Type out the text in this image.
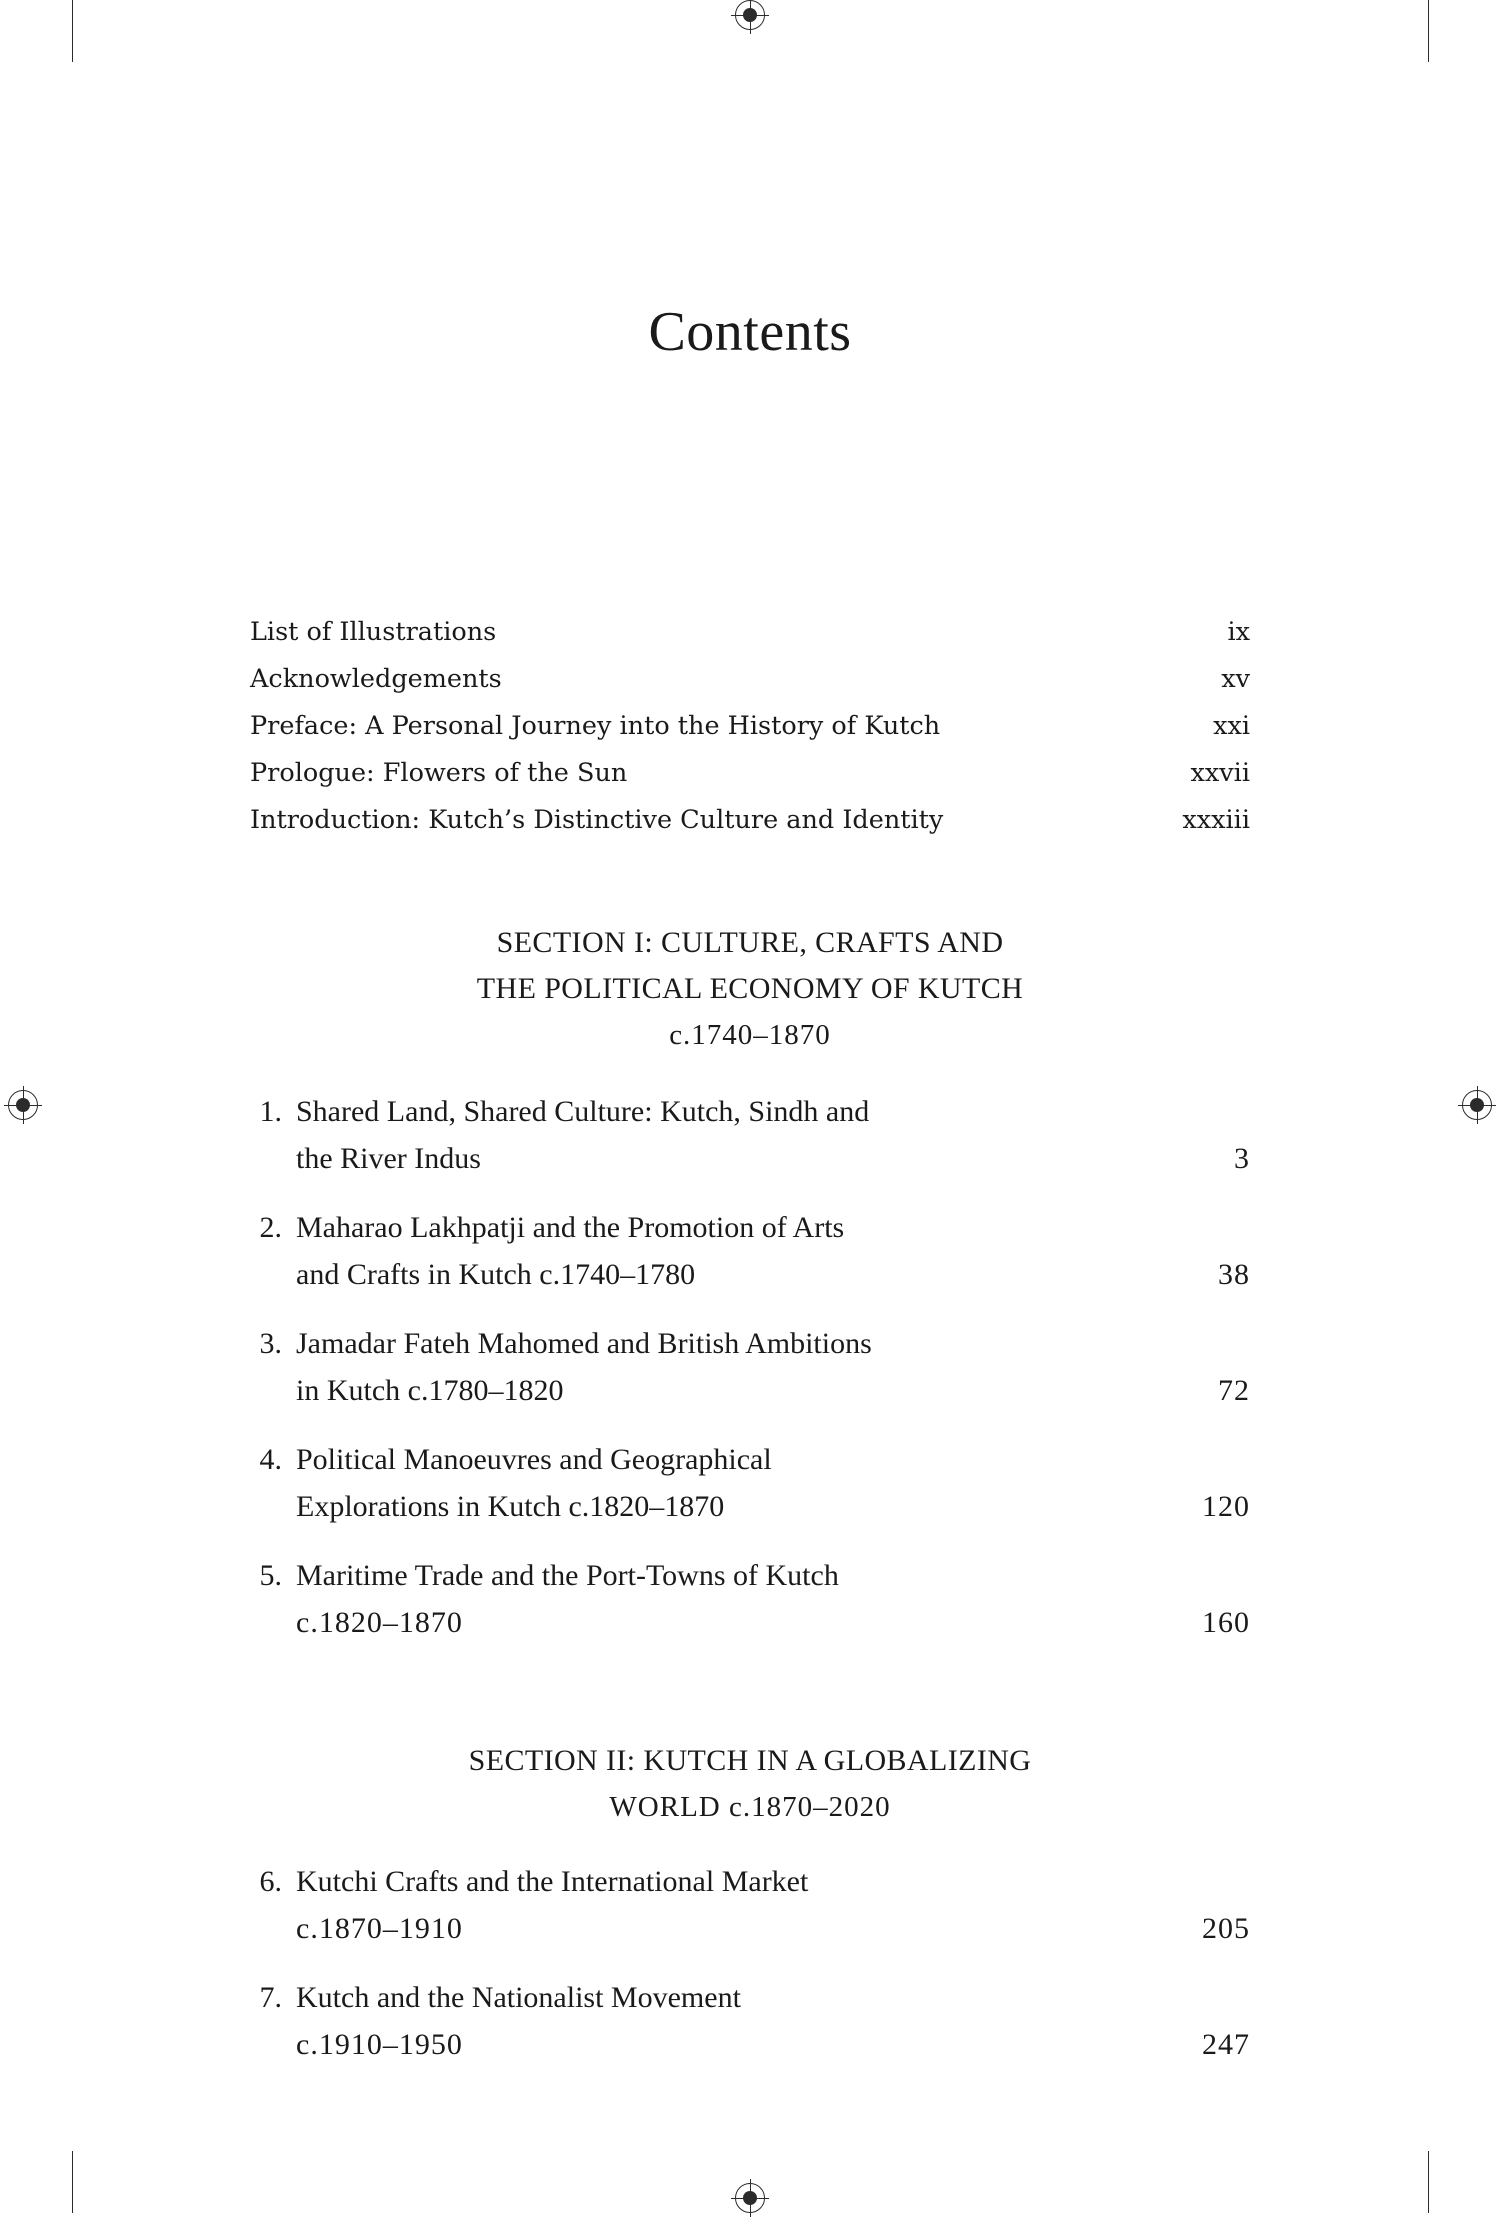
Contents
List of Illustrations	ix
Acknowledgements	xv
Preface: A Personal Journey into the History of Kutch	xxi
Prologue: Flowers of the Sun	xxvii
Introduction: Kutch’s Distinctive Culture and Identity	xxxiii
SECTION I: CULTURE, CRAFTS AND
THE POLITICAL ECONOMY OF KUTCH
c.1740–1870
1. Shared Land, Shared Culture: Kutch, Sindh and
the River Indus	3
2. Maharao Lakhpatji and the Promotion of Arts
and Crafts in Kutch c.1740–1780	38
3. Jamadar Fateh Mahomed and British Ambitions
in Kutch c.1780–1820	72
4. Political Manoeuvres and Geographical
Explorations in Kutch c.1820–1870	120
5. Maritime Trade and the Port-Towns of Kutch
c.1820–1870	160
SECTION II: KUTCH IN A GLOBALIZING
WORLD c.1870–2020
6. Kutchi Crafts and the International Market
c.1870–1910	205
7. Kutch and the Nationalist Movement
c.1910–1950	247
